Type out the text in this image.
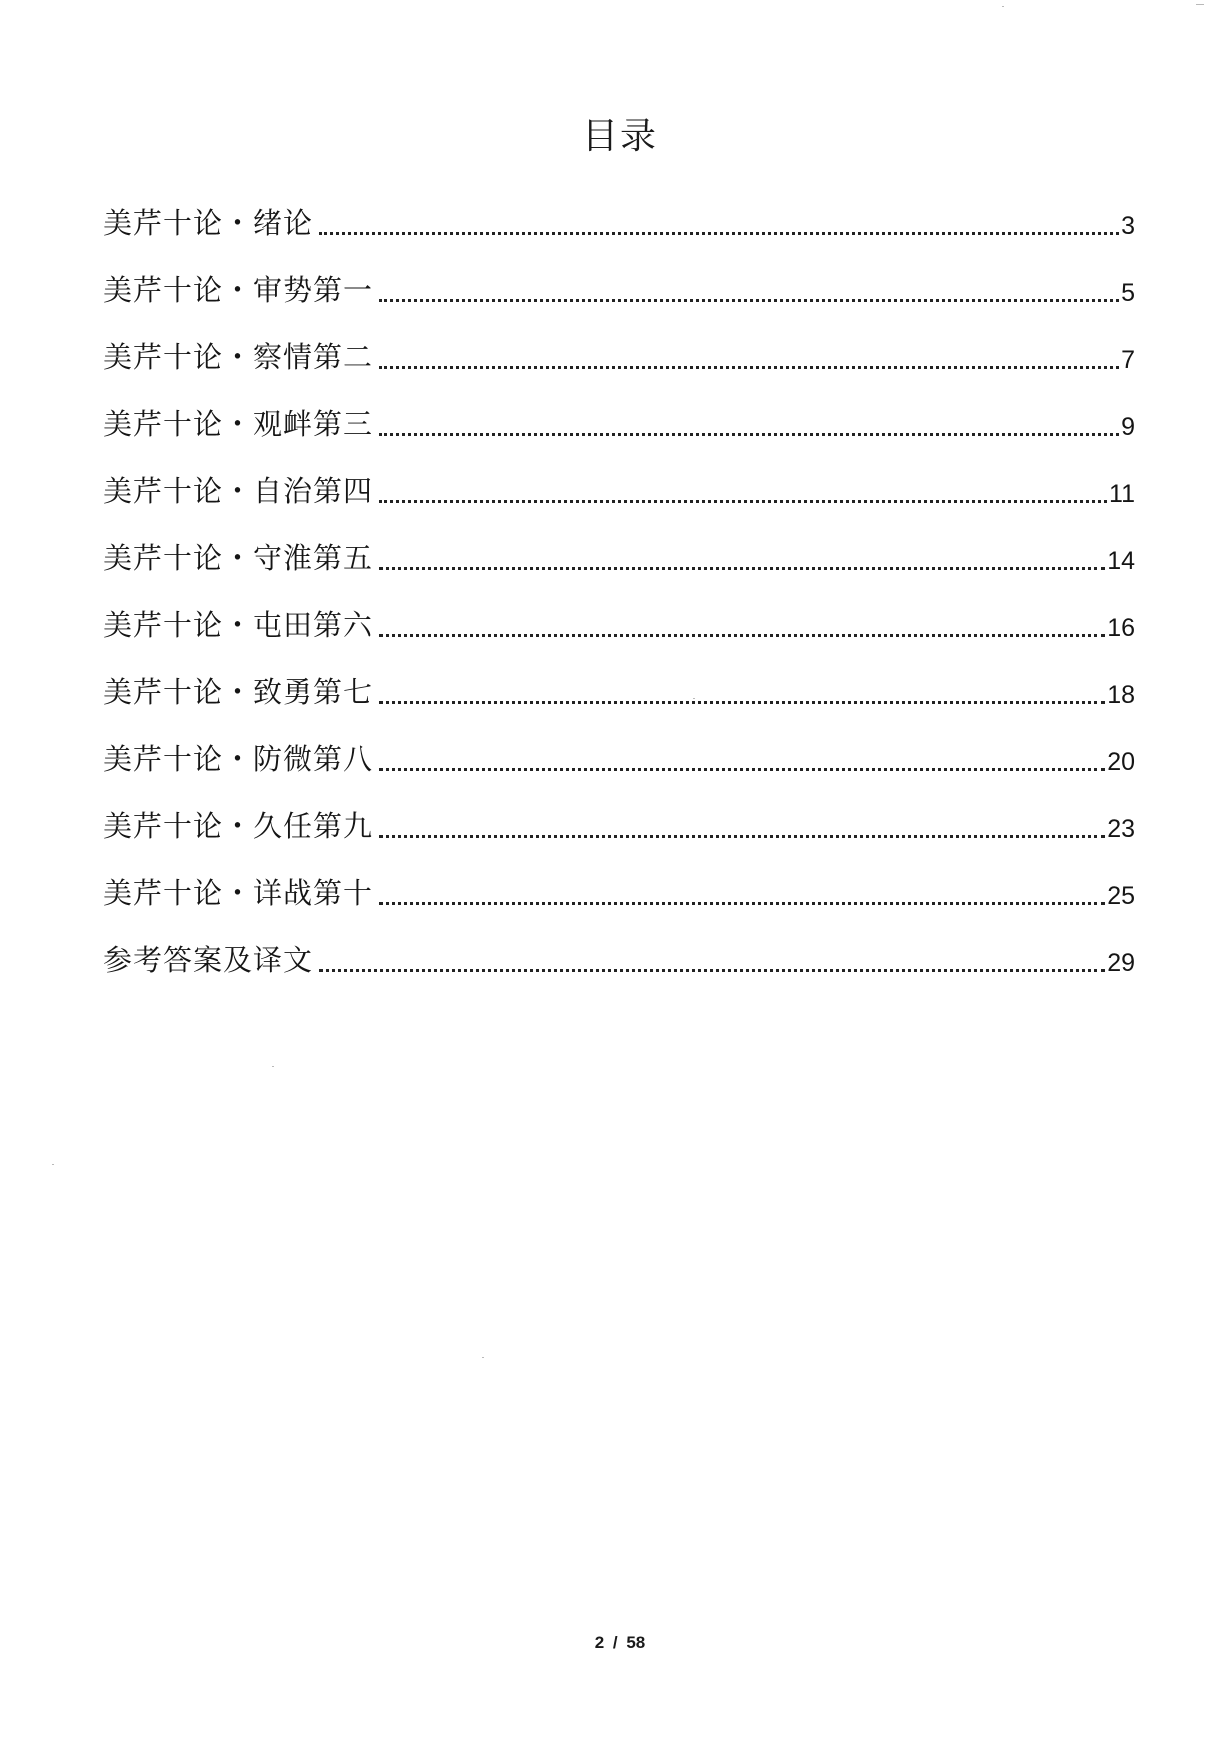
目录
美芹十论・绪论	3
美芹十论・审势第一	5
美芹十论・察情第二	7
美芹十论・观衅第三	9
美芹十论・自治第四	11
美芹十论・守淮第五	14
美芹十论・屯田第六	16
美芹十论・致勇第七	18
美芹十论・防微第八	20
美芹十论・久任第九	23
美芹十论・详战第十	25
参考答案及译文	29
2 / 58
